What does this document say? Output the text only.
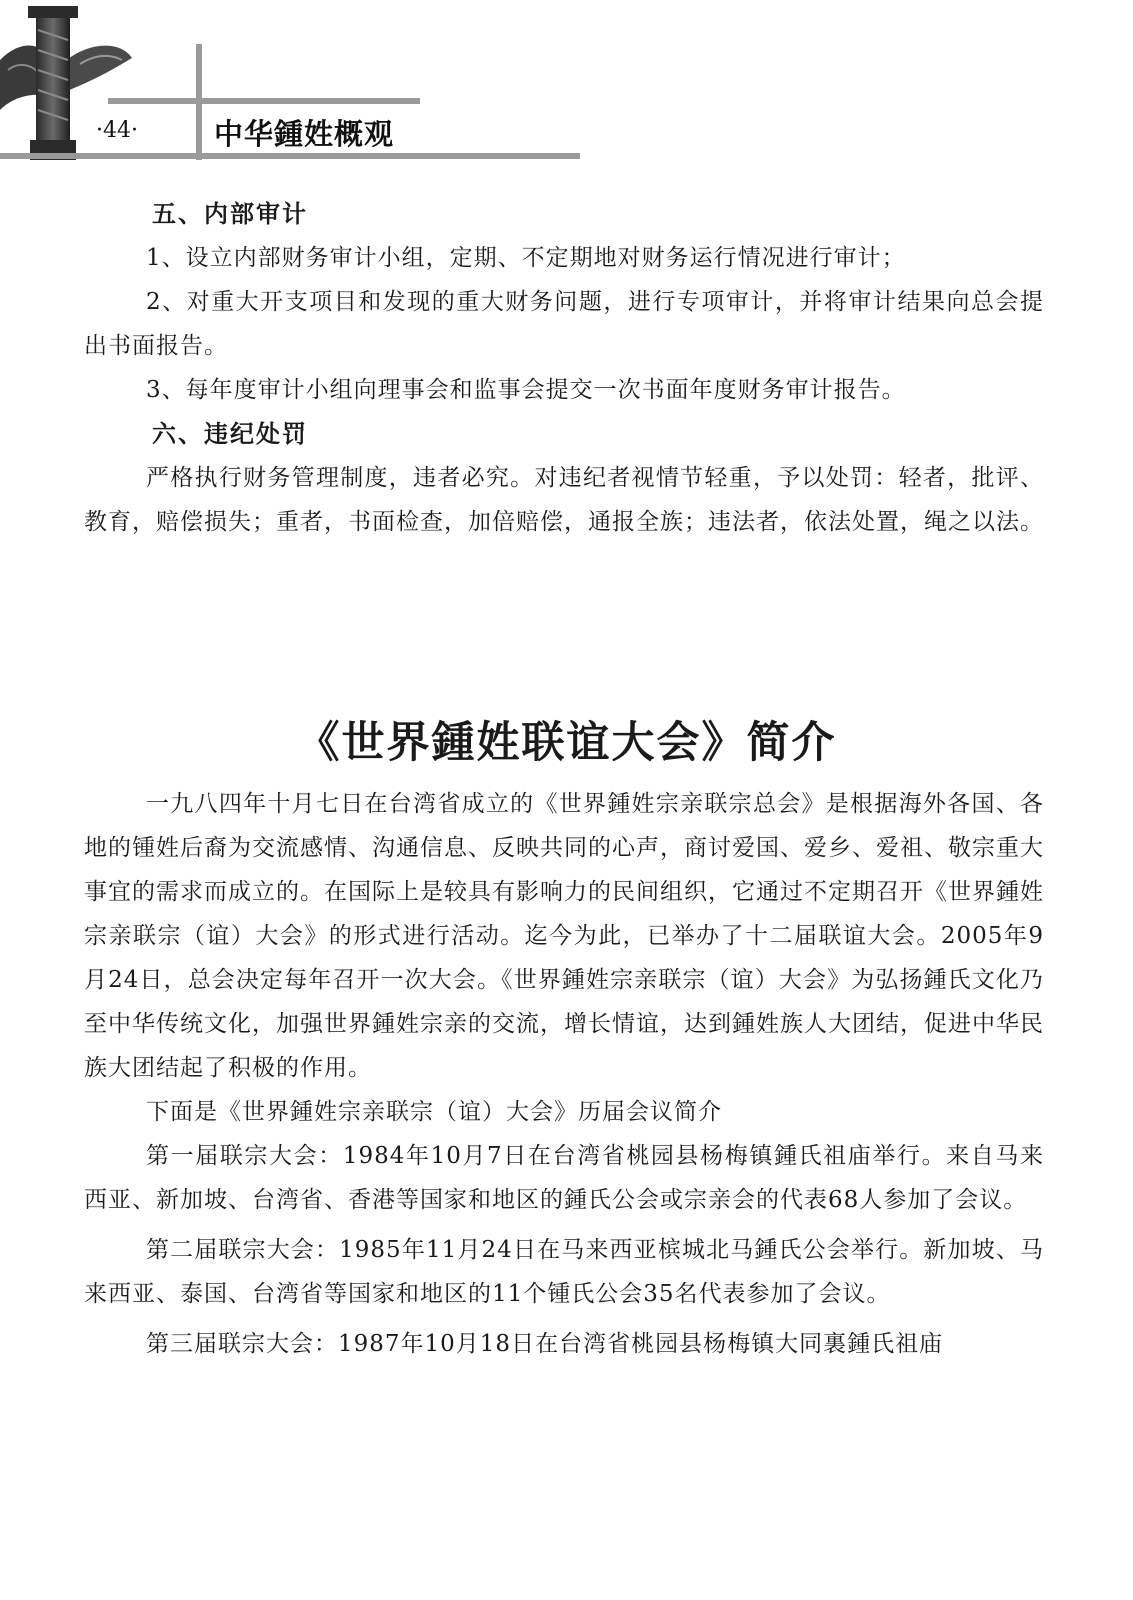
·44·	中华鍾姓概观

五、内部审计

1、设立内部财务审计小组，定期、不定期地对财务运行情况进行审计；

2、对重大开支项目和发现的重大财务问题，进行专项审计，并将审计结果向总会提出书面报告。

3、每年度审计小组向理事会和监事会提交一次书面年度财务审计报告。

六、违纪处罚

严格执行财务管理制度，违者必究。对违纪者视情节轻重，予以处罚：轻者，批评、教育，赔偿损失；重者，书面检查，加倍赔偿，通报全族；违法者，依法处置，绳之以法。

《世界鍾姓联谊大会》简介

一九八四年十月七日在台湾省成立的《世界鍾姓宗亲联宗总会》是根据海外各国、各地的锺姓后裔为交流感情、沟通信息、反映共同的心声，商讨爱国、爱乡、爱祖、敬宗重大事宜的需求而成立的。在国际上是较具有影响力的民间组织，它通过不定期召开《世界鍾姓宗亲联宗（谊）大会》的形式进行活动。迄今为此，已举办了十二届联谊大会。2005年9月24日，总会决定每年召开一次大会。《世界鍾姓宗亲联宗（谊）大会》为弘扬鍾氏文化乃至中华传统文化，加强世界鍾姓宗亲的交流，增长情谊，达到鍾姓族人大团结，促进中华民族大团结起了积极的作用。

下面是《世界鍾姓宗亲联宗（谊）大会》历届会议简介

第一届联宗大会：1984年10月7日在台湾省桃园县杨梅镇鍾氏祖庙举行。来自马来西亚、新加坡、台湾省、香港等国家和地区的鍾氏公会或宗亲会的代表68人参加了会议。

第二届联宗大会：1985年11月24日在马来西亚槟城北马鍾氏公会举行。新加坡、马来西亚、泰国、台湾省等国家和地区的11个锺氏公会35名代表参加了会议。

第三届联宗大会：1987年10月18日在台湾省桃园县杨梅镇大同裏鍾氏祖庙
